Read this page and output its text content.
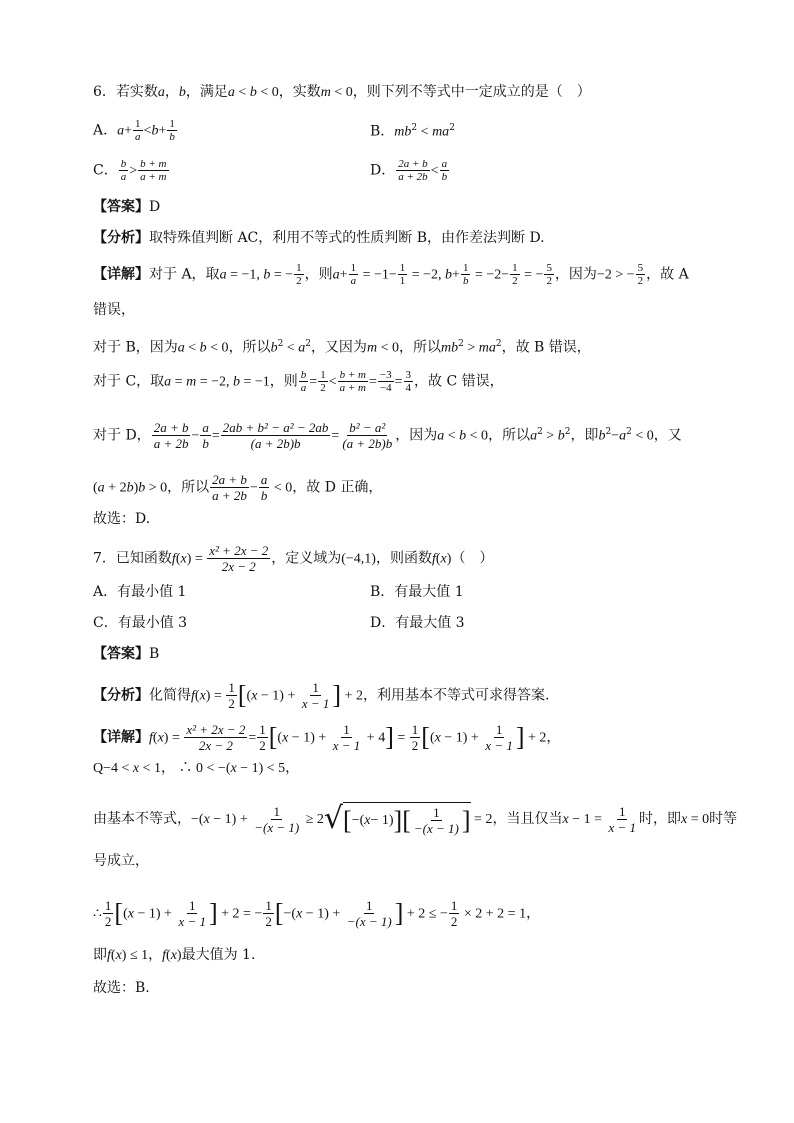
6．若实数a，b，满足a < b < 0，实数m < 0，则下列不等式中一定成立的是（　）
A．$a+ \frac{1}{a} <b+ \frac{1}{b}$	B．$mb^2 < ma^2$
C． $\frac{b}{a} > \frac{b + m}{a + m}$	D． $\frac{2a + b}{a + 2b} < \frac{a}{b}$
【答案】D
【分析】取特殊值判断 AC，利用不等式的性质判断 B，由作差法判断 D.
【详解】对于 A，取a = −1, b = − $\frac{1}{2}$ ，则$a+ \frac{1}{a} = -1- \frac{1}{1} = -2$, $b+ \frac{1}{b} = -2- \frac{1}{2}$ = − $\frac{5}{2}$ ，因为−2 > − $\frac{5}{2}$ ，故 A
错误，
对于 B，因为a < b < 0，所以$b^2 < a^2$，又因为m < 0，所以$mb^2 > ma^2$，故 B 错误，
对于 C，取a = m = −2, b = −1，则 $\frac{b}{a} = \frac{1}{2} < \frac{b + m}{a + m} = \frac{-3}{-4} = \frac{3}{4}$ ，故 C 错误，
对于 D， $\frac{2a + b}{a + 2b} - \frac{a}{b} = \frac{\text{2ab + b² − a² − 2ab}}{(a + 2b)b} = \frac{\text{b² − a²}}{(a + 2b)b}$ ，因为a < b < 0，所以$a^2 > b^2$，即$b^2-a^2 < 0$，又
(a + 2b)b > 0，所以 $\frac{2a + b}{a + 2b} - \frac{a}{b} < 0$，故 D 正确，
故选：D.
7．已知函数$f(x) = \frac{\text{x² + 2x − 2}}{2x - 2}$ ，定义域为(−4,1)，则函数f(x)（　）
A．有最小值 1	B．有最大值 1
C．有最小值 3	D．有最大值 3
【答案】B
【分析】化简得$f(x) = \frac{1}{2} [(x - 1) + \frac{1}{x - 1}$ ] + 2，利用基本不等式可求得答案.
【详解】$f(x) = \frac{\text{x² + 2x − 2}}{2x - 2} = \frac{1}{2} [(x - 1) + \frac{1}{x - 1} + 4] = \frac{1}{2} [(x - 1) + \frac{1}{x - 1}$ ] + 2，
Q−4 < x < 1， ∴ 0 < −(x − 1) < 5，
由基本不等式，$-(x - 1) + \frac{1}{-(x - 1)} \ge 2$ √ [ −( x − 1) ] [ 1
−(x − 1) ] = 2，当且仅当$x - 1 = \frac{1}{x - 1}$ 时，即x = 0时等
号成立，
∴ $\frac{1}{2} [(x - 1) + \frac{1}{x - 1}$ ] + 2 = − $\frac{1}{2} [-(x - 1) + \frac{1}{-(x - 1)}$ ] + 2 ≤ − $\frac{1}{2} \times 2 + 2 = 1$，
即f(x) ≤ 1，f(x)最大值为 1.
故选：B.
